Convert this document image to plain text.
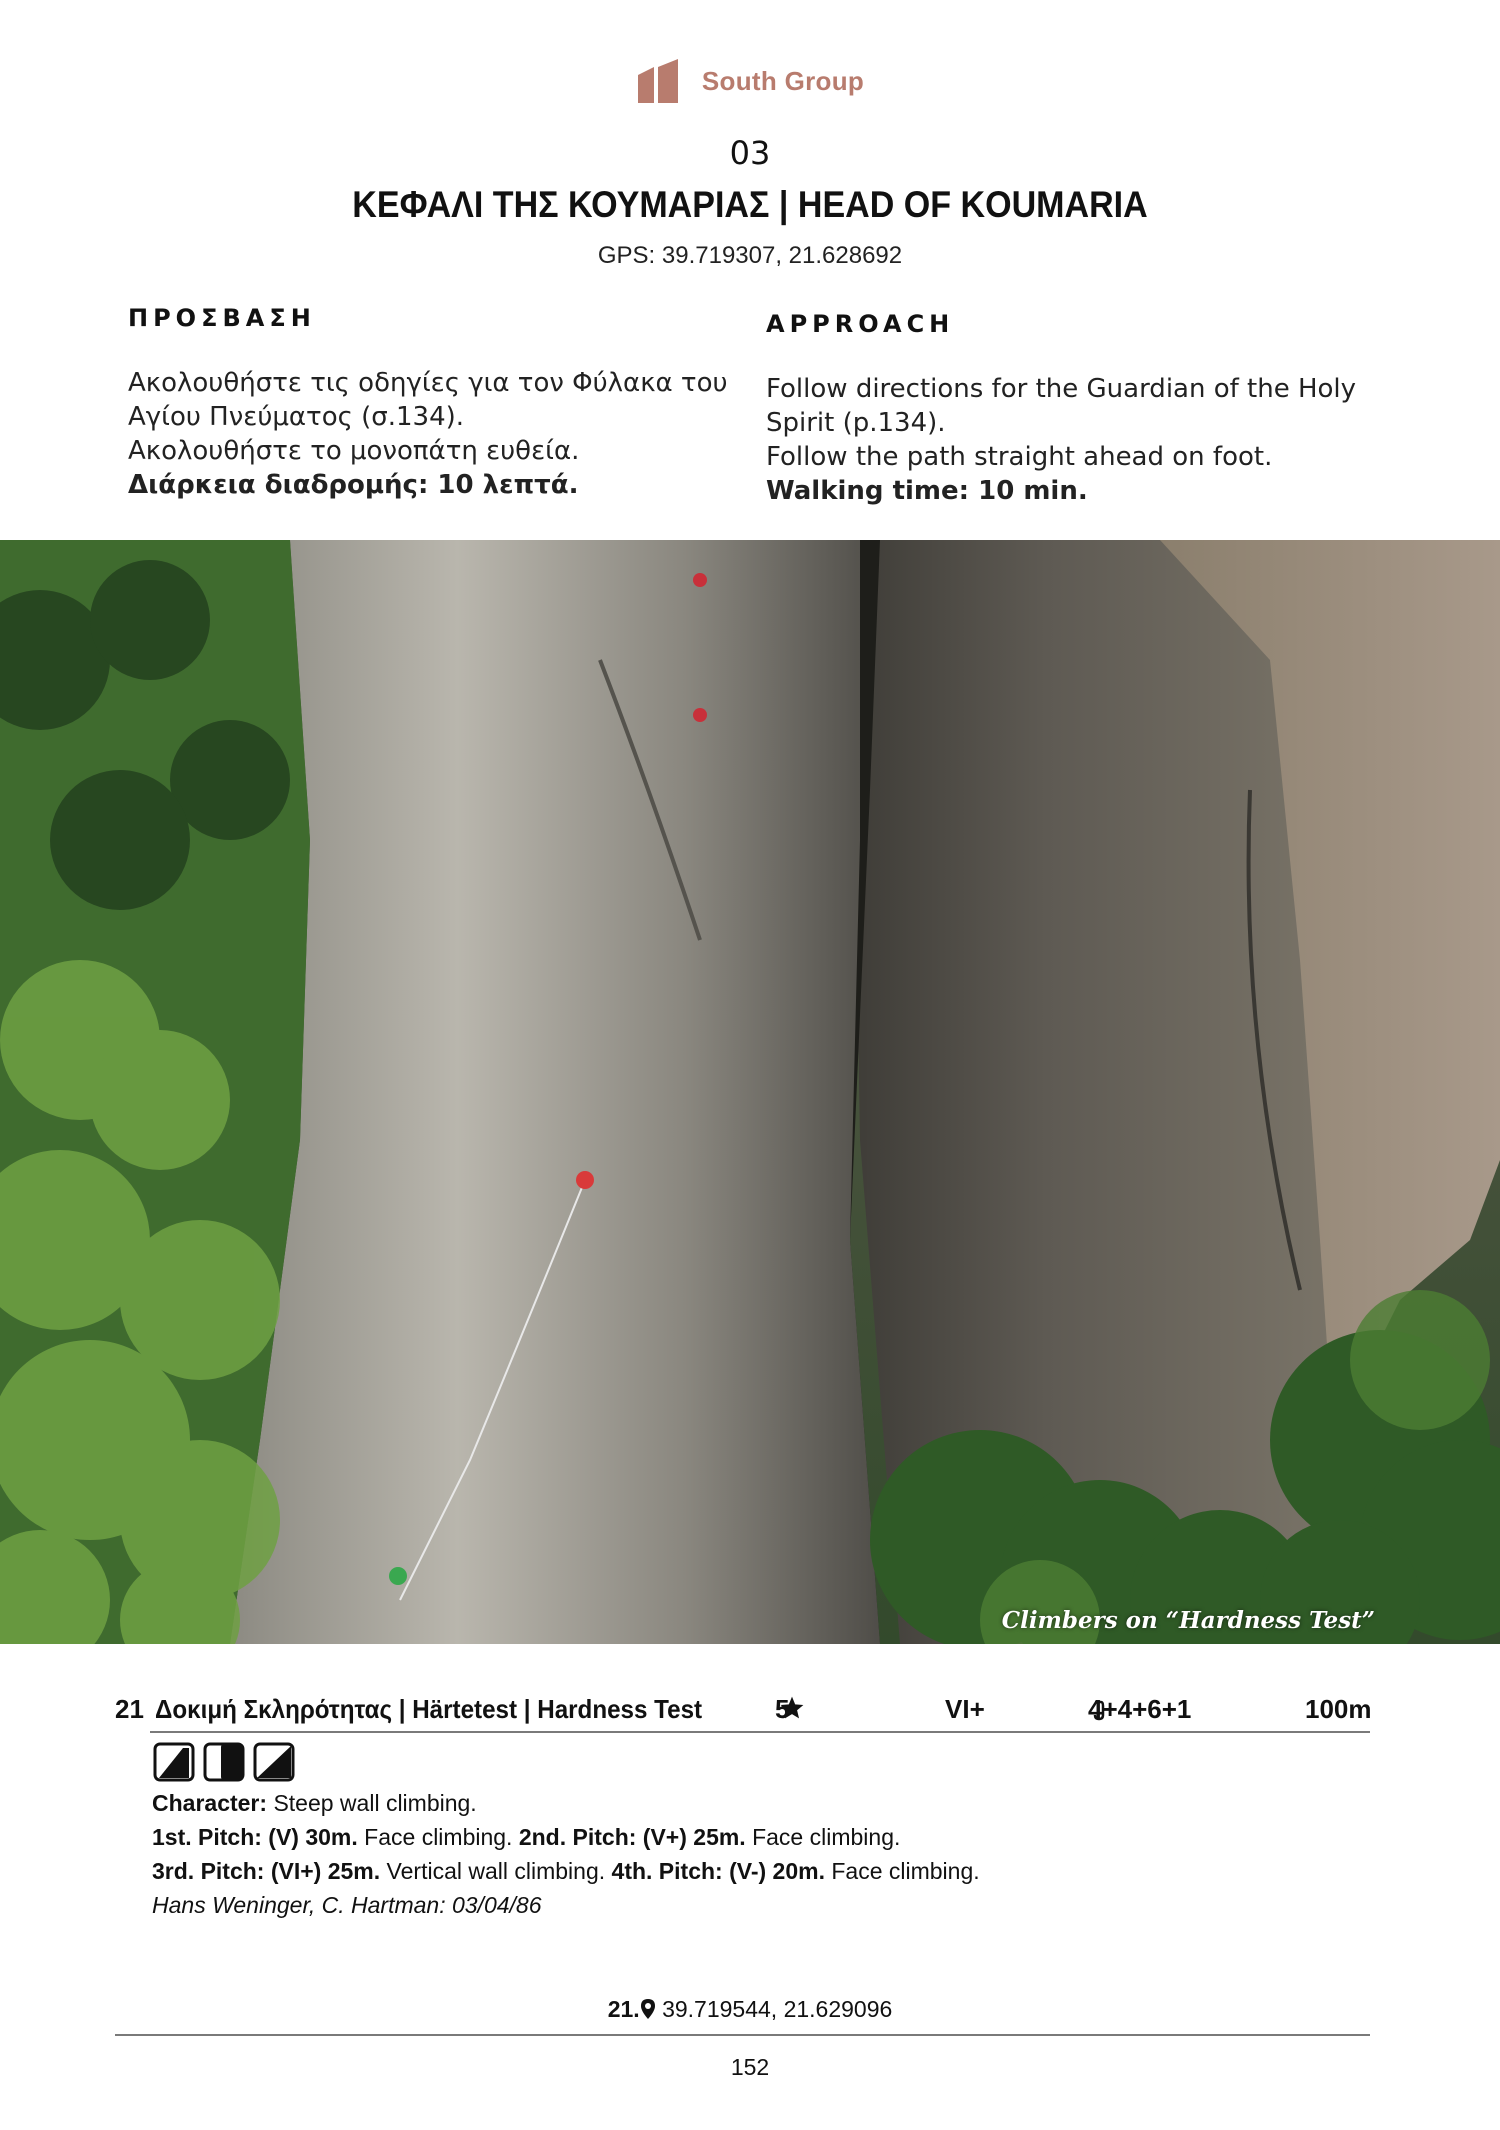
South Group
03
ΚΕΦΑΛΙ ΤΗΣ ΚΟΥΜΑΡΙΑΣ | HEAD OF KOUMARIA
GPS: 39.719307, 21.628692
ΠΡΟΣΒΑΣΗ

Ακολουθήστε τις οδηγίες για τον Φύλακα του Αγίου Πνεύματος (σ.134).

Ακολουθήστε το μονοπάτη ευθεία.

Διάρκεια διαδρομής: 10 λεπτά.

APPROACH

Follow directions for the Guardian of the Holy Spirit (p.134).

Follow the path straight ahead on foot.

Walking time: 10 min.

Climbers on “Hardness Test”
21 Δοκιμή Σκληρότητας | Härtetest | Hardness Test	5	VI+	4+4+6+1	100m
Character: Steep wall climbing.
1st. Pitch: (V) 30m. Face climbing. 2nd. Pitch: (V+) 25m. Face climbing.
3rd. Pitch: (VI+) 25m. Vertical wall climbing. 4th. Pitch: (V-) 20m. Face climbing.
Hans Weninger, C. Hartman: 03/04/86
21. 39.719544, 21.629096
152
